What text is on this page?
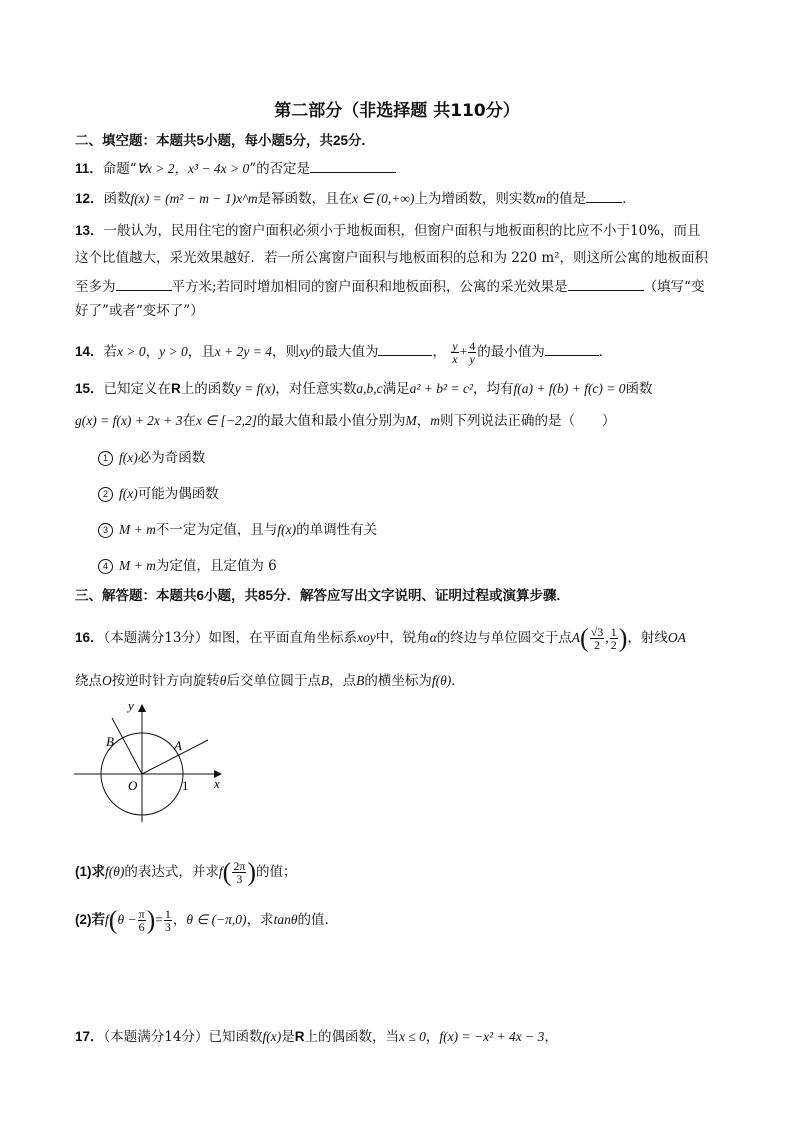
第二部分（非选择题 共110分）
二、填空题：本题共5小题，每小题5分，共25分.
11．命题“∀x > 2，x³ − 4x > 0”的否定是
12．函数f(x) = (m² − m − 1)x^m是幂函数，且在x ∈ (0,+∞)上为增函数，则实数m的值是	．
13．一般认为，民用住宅的窗户面积必须小于地板面积，但窗户面积与地板面积的比应不小于10%，而且
这个比值越大，采光效果越好．若一所公寓窗户面积与地板面积的总和为 220 m²，则这所公寓的地板面积
至多为	平方米;若同时增加相同的窗户面积和地板面积，公寓的采光效果是	（填写“变
好了”或者“变坏了”）
14．若x > 0，y > 0，且x + 2y = 4，则xy的最大值为	， $\frac{y}{x} + \frac{4}{y}$ 的最小值为	．
15．已知定义在R上的函数y = f(x)，对任意实数a,b,c满足a² + b² = c²，均有f(a) + f(b) + f(c) = 0函数
g(x) = f(x) + 2x + 3在x ∈ [−2,2]的最大值和最小值分别为M，m则下列说法正确的是（　　）
1 f(x)必为奇函数
2 f(x)可能为偶函数
3 M + m不一定为定值，且与f(x)的单调性有关
4 M + m为定值，且定值为 6
三、解答题：本题共6小题，共85分．解答应写出文字说明、证明过程或演算步骤.
16．（本题满分13分）如图，在平面直角坐标系xoy中，锐角α的终边与单位圆交于点$A( \frac{√3}{2}$ , $\frac{1}{2}$ )，射线OA
绕点O按逆时针方向旋转θ后交单位圆于点B，点B的横坐标为f(θ)．
y
x
O	1
A
B
(1)求f(θ)的表达式，并求$f( \frac{2\pi}{3}$ )的值；
(2)若$f(\theta - \frac{\pi}{6}$ )= $\frac{1}{3}$ ，θ ∈ (−π,0)，求tanθ的值.
17．（本题满分14分）已知函数f(x)是R上的偶函数，当x ≤ 0，f(x) = −x² + 4x − 3，
